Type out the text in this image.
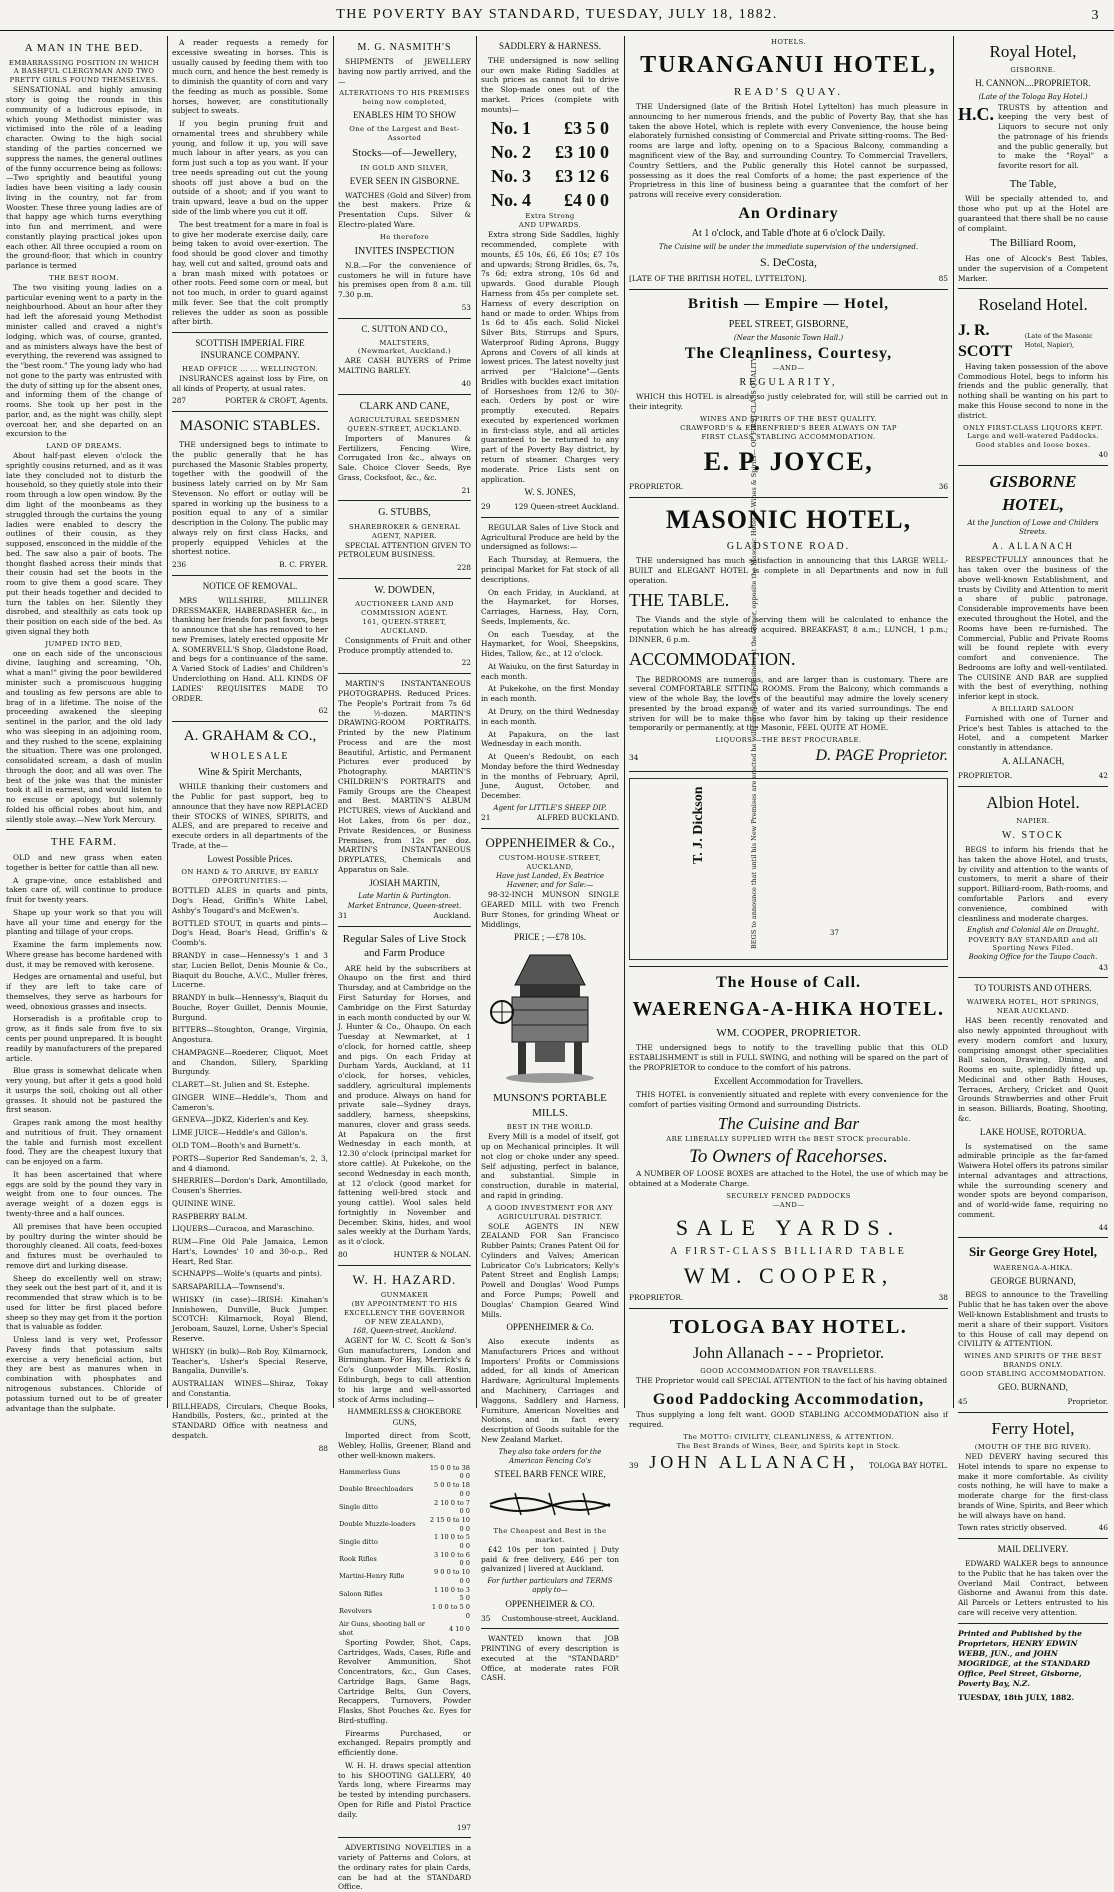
THE POVERTY BAY STANDARD, TUESDAY, JULY 18, 1882.	3
A MAN IN THE BED.
EMBARRASSING POSITION IN WHICH A BASHFUL CLERGYMAN AND TWO PRETTY GIRLS FOUND THEMSELVES.

SENSATIONAL and highly amusing story is going the rounds in this community of a ludicrous episode, in which young Methodist minister was victimised into the rôle of a leading character. Owing to the high social standing of the parties concerned we suppress the names, the general outlines of the funny occurrence being as follows:—Two sprightly and beautiful young ladies have been visiting a lady cousin living in the country, not far from Wooster. These three young ladies are of that happy age which turns everything into fun and merriment, and were constantly playing practical jokes upon each other. All three occupied a room on the ground-floor, that which in country parlance is termed

THE BEST ROOM.

The two visiting young ladies on a particular evening went to a party in the neighbourhood. About an hour after they had left the aforesaid young Methodist minister called and craved a night's lodging, which was, of course, granted, and as ministers always have the best of everything, the reverend was assigned to the "best room." The young lady who had not gone to the party was entrusted with the duty of sitting up for the absent ones, and informing them of the change of rooms. She took up her post in the parlor, and, as the night was chilly, slept overcoat her, and she departed on an excursion to the

LAND OF DREAMS.

About half-past eleven o'clock the sprightly cousins returned, and as it was late they concluded not to disturb the household, so they quietly stole into their room through a low open window. By the dim light of the moonbeams as they struggled through the curtains the young ladies were enabled to descry the outlines of their cousin, as they supposed, ensconced in the middle of the bed. The saw also a pair of boots. The thought flashed across their minds that their cousin had set the boots in the room to give them a good scare. They put their heads together and decided to turn the tables on her. Silently they disrobed, and stealthily as cats took up their position on each side of the bed. As given signal they both

JUMPED INTO BED,

one on each side of the unconscious divine, laughing and screaming, "Oh, what a man!" giving the poor bewildered minister such a promiscuous hugging and tousling as few persons are able to brag of in a lifetime. The noise of the proceeding awakened the sleeping sentinel in the parlor, and the old lady who was sleeping in an adjoining room, and they rushed to the scene, explaining the situation. There was one prolonged, consolidated scream, a dash of muslin through the door, and all was over. The best of the joke was that the minister took it all in earnest, and would listen to no excuse or apology, but solemnly folded his official robes about him, and silently stole away.—New York Mercury.

THE FARM.

OLD and new grass when eaten together is better for cattle than all new.

A grape-vine, once established and taken care of, will continue to produce fruit for twenty years.

Shape up your work so that you will have all your time and energy for the planting and tillage of your crops.

Examine the farm implements now. Where grease has become hardened with dust, it may be removed with kerosene.

Hedges are ornamental and useful, but if they are left to take care of themselves, they serve as harbours for weed, obnoxious grasses and insects.

Horseradish is a profitable crop to grow, as it finds sale from five to six cents per pound unprepared. It is bought readily by manufacturers of the prepared article.

Blue grass is somewhat delicate when very young, but after it gets a good hold it usurps the soil, choking out all other grasses. It should not be pastured the first season.

Grapes rank among the most healthy and nutritious of fruit. They ornament the table and furnish most excellent food. They are the cheapest luxury that can be enjoyed on a farm.

It has been ascertained that where eggs are sold by the pound they vary in weight from one to four ounces. The average weight of a dozen eggs is twenty-three and a half ounces.

All premises that have been occupied by poultry during the winter should be thoroughly cleaned. All coats, feed-boxes and fixtures must be overhauled to remove dirt and lurking disease.

Sheep do excellently well on straw; they seek out the best part of it, and it is recommended that straw which is to be used for litter be first placed before sheep so they may get from it the portion that is valuable as fodder.

Unless land is very wet, Professor Pavesy finds that potassium salts exercise a very beneficial action, but they are best as manures when in combination with phosphates and nitrogenous substances. Chloride of potassium turned out to be of greater advantage than the sulphate.

A reader requests a remedy for excessive sweating in horses. This is usually caused by feeding them with too much corn, and hence the best remedy is to diminish the quantity of corn and vary the feeding as much as possible. Some horses, however, are constitutionally subject to sweats.

If you begin pruning fruit and ornamental trees and shrubbery while young, and follow it up, you will save much labour in after years, as you can form just such a top as you want. If your tree needs spreading out cut the young shoots off just above a bud on the outside of a shoot; and if you want to train upward, leave a bud on the upper side of the limb where you cut it off.

The best treatment for a mare in foal is to give her moderate exercise daily, care being taken to avoid over-exertion. The food should be good clover and timothy hay, well cut and salted, ground oats and a bran mash mixed with potatoes or other roots. Feed some corn or meal, but not too much, in order to guard against milk fever. See that the colt promptly relieves the udder as soon as possible after birth.

SCOTTISH IMPERIAL FIRE INSURANCE COMPANY.
HEAD OFFICE ... ... WELLINGTON.

INSURANCES against loss by Fire, on all kinds of Property, at usual rates.

287	PORTER & CROFT, Agents.
MASONIC STABLES.

THE undersigned begs to intimate to the public generally that he has purchased the Masonic Stables property, together with the goodwill of the business lately carried on by Mr Sam Stevenson. No effort or outlay will be spared in working up the business to a position equal to any of a similar description in the Colony. The public may always rely on first class Hacks, and properly equipped Vehicles at the shortest notice.

236	B. C. FRYER.
NOTICE OF REMOVAL.

MRS WILLSHIRE, MILLINER DRESSMAKER, HABERDASHER &c., in thanking her friends for past favors, begs to announce that she has removed to her new Premises, lately erected opposite Mr A. SOMERVELL'S Shop, Gladstone Road, and begs for a continuance of the same. A Varied Stock of Ladies' and Children's Underclothing on Hand. ALL KINDS OF LADIES' REQUISITES MADE TO ORDER.

62
A. GRAHAM & CO.,
WHOLESALE
Wine & Spirit Merchants,

WHILE thanking their customers and the Public for past support, beg to announce that they have now REPLACED their STOCKS of WINES, SPIRITS, and ALES, and are prepared to receive and execute orders in all departments of the Trade, at the—

Lowest Possible Prices.
ON HAND & TO ARRIVE, BY EARLY OPPORTUNITIES:—

BOTTLED ALES in quarts and pints, Dog's Head, Griffin's White Label, Ashby's Tougard's and McEwen's.

BOTTLED STOUT, in quarts and pints—Dog's Head, Boar's Head, Griffin's & Coomb's.

BRANDY in case—Hennessy's 1 and 3 star, Lucien Bellot, Denis Mounie & Co., Biaquit du Bouche, A.V.C., Muller frères, Lucerne.

BRANDY in bulk—Hennessy's, Biaquit du Bouche, Royer Guillet, Dennis Mounie, Burgund.

BITTERS—Stoughton, Orange, Virginia, Angostura.

CHAMPAGNE—Roederer, Cliquot, Moet and Chandon, Sillery, Sparkling Burgundy.

CLARET—St. Julien and St. Estephe.

GINGER WINE—Heddle's, Thom and Cameron's.

GENEVA—JDKZ, Kiderlen's and Key.

LIME JUICE—Heddle's and Gillon's.

OLD TOM—Booth's and Burnett's.

PORTS—Superior Red Sandeman's, 2, 3, and 4 diamond.

SHERRIES—Dordon's Dark, Amontillado, Cousen's Sherries.

QUININE WINE.

RASPBERRY BALM.

LIQUERS—Curacoa, and Maraschino.

RUM—Fine Old Pale Jamaica, Lemon Hart's, Lowndes' 10 and 30-o.p., Red Heart, Red Star.

SCHNAPPS—Wolfe's (quarts and pints).

SARSAPARILLA—Townsend's.

WHISKY (in case)—IRISH: Kinahan's Innishowen, Dunville, Buck Jumper. SCOTCH: Kilmarnock, Royal Blend, Jeroboam, Sauzel, Lorne, Usher's Special Reserve.

WHISKY (in bulk)—Rob Roy, Kilmarnock, Teacher's, Usher's Special Reserve, Bangalia, Dunville's.

AUSTRALIAN WINES—Shiraz, Tokay and Constantia.

BILLHEADS, Circulars, Cheque Books, Handbills, Posters, &c., printed at the STANDARD Office with neatness and despatch.

88
M. G. NASMITH'S

SHIPMENTS of JEWELLERY having now partly arrived, and the—

ALTERATIONS TO HIS PREMISES being now completed,
ENABLES HIM TO SHOW
One of the Largest and Best-Assorted
Stocks—of—Jewellery,
IN GOLD AND SILVER,
EVER SEEN IN GISBORNE.

WATCHES (Gold and Silver) from the best makers. Prize & Presentation Cups. Silver & Electro-plated Ware.

He therefore
INVITES INSPECTION

N.B.—For the convenience of customers he will in future have his premises open from 8 a.m. till 7.30 p.m.

53
C. SUTTON AND CO.,
MALTSTERS,
(Newmarket, Auckland.)

ARE CASH BUYERS of Prime MALTING BARLEY.

40
CLARK AND CANE,
AGRICULTURAL SEEDSMEN
QUEEN-STREET, AUCKLAND.

Importers of Manures & Fertilizers, Fencing Wire, Corrugated Iron &c., always on Sale. Choice Clover Seeds, Rye Grass, Cocksfoot, &c., &c.

21
G. STUBBS,
SHAREBROKER & GENERAL AGENT, NAPIER.

SPECIAL ATTENTION GIVEN TO PETROLEUM BUSINESS.

228
W. DOWDEN,
AUCTIONEER LAND AND COMMISSION AGENT.
161, QUEEN-STREET, AUCKLAND.

Consignments of Fruit and other Produce promptly attended to.

22

MARTIN'S INSTANTANEOUS PHOTOGRAPHS. Reduced Prices. The People's Portrait from 7s 6d the ½-dozen. MARTIN'S DRAWING-ROOM PORTRAITS. Printed by the new Platinum Process and are the most Beautiful, Artistic, and Permanent Pictures ever produced by Photography. MARTIN'S CHILDREN'S PORTRAITS and Family Groups are the Cheapest and Best. MARTIN'S ALBUM PICTURES, views of Auckland and Hot Lakes, from 6s per doz., Private Residences, or Business Premises, from 12s per doz. MARTIN'S INSTANTANEOUS DRYPLATES, Chemicals and Apparatus on Sale.

JOSIAH MARTIN,
Late Martin & Partington.
Market Entrance, Queen-street.
31	Auckland.
Regular Sales of Live Stock and Farm Produce

ARE held by the subscribers at Ohaupo on the first and third Thursday, and at Cambridge on the First Saturday for Horses, and Cambridge on the First Saturday in each month conducted by our W. J. Hunter & Co., Ohaupo. On each Tuesday at Newmarket, at 1 o'clock, for horned cattle, sheep and pigs. On each Friday at Durham Yards, Auckland, at 11 o'clock, for horses, vehicles, saddlery, agricultural implements and produce. Always on hand for private sale—Sydney drays, saddlery, harness, sheepskins, manures, clover and grass seeds. At Papakura on the first Wednesday in each month, at 12.30 o'clock (principal market for store cattle). At Pukekohe, on the second Wednesday in each month, at 12 o'clock (good market for fattening well-bred stock and young cattle). Wool sales held fortnightly in November and December. Skins, hides, and wool sales weekly at the Durham Yards, as it o'clock.

80	HUNTER & NOLAN.
W. H. HAZARD.
GUNMAKER
(BY APPOINTMENT TO HIS EXCELLENCY THE GOVERNOR OF NEW ZEALAND),
168, Queen-street, Auckland.

AGENT for W. C. Scott & Son's Gun manufacturers, London and Birmingham. For Hay, Merrick's & Co's Gunpowder Mills. Roslin, Edinburgh, begs to call attention to his large and well-assorted stock of Arms including—

HAMMERLESS & CHOKEBORE GUNS,

Imported direct from Scott, Webley, Hollis, Greener, Bland and other well-known makers.

Hammerless Guns	15 0 0 to 38 0 0
Double Breechloaders	5 0 0 to 18 0 0
Single ditto	2 10 0 to 7 0 0
Double Muzzle-loaders	2 15 0 to 10 0 0
Single ditto	1 10 0 to 5 0 0
Rook Rifles	3 10 0 to 6 0 0
Martini-Henry Rifle	9 0 0 to 10 0 0
Saloon Rifles	1 10 0 to 3 5 0
Revolvers	1 0 0 to 5 0 0
Air Guns, shooting ball or shot	4 10 0

Sporting Powder, Shot, Caps, Cartridges, Wads, Cases, Rifle and Revolver Ammunition, Shot Concentrators, &c., Gun Cases, Cartridge Bags, Game Bags, Cartridge Belts, Gun Covers, Recappers, Turnovers, Powder Flasks, Shot Pouches &c. Eyes for Bird-stuffing.

Firearms Purchased, or exchanged. Repairs promptly and efficiently done.

W. H. H. draws special attention to his SHOOTING GALLERY, 40 Yards long, where Firearms may be tested by intending purchasers. Open for Rifle and Pistol Practice daily.

197

ADVERTISING NOVELTIES in a variety of Patterns and Colors, at the ordinary rates for plain Cards, can be had at the STANDARD Office.

SADDLERY & HARNESS.

THE undersigned is now selling our own make Riding Saddles at such prices as cannot fail to drive the Slop-made ones out of the market. Prices (complete with mounts)—

No. 1 £3 5 0
No. 2 £3 10 0
No. 3 £3 12 6
No. 4 £4 0 0
Extra Strong
AND UPWARDS.

Extra strong Side Saddles, highly recommended, complete with mounts, £5 10s, £6, £6 10s; £7 10s and upwards; Strong Bridles, 6s, 7s, 7s 6d; extra strong, 10s 6d and upwards. Good durable Plough Harness from 45s per complete set. Harness of every description on hand or made to order. Whips from 1s 6d to 45s each. Solid Nickel Silver Bits, Stirrups and Spurs, Waterproof Riding Aprons, Buggy Aprons and Covers of all kinds at lowest prices. The latest novelty just arrived per "Halcione"—Gents Bridles with buckles exact imitation of Horseshoes from 12/6 to 30/- each. Orders by post or wire promptly executed. Repairs executed by experienced workmen in first-class style, and all articles guaranteed to be returned to any part of the Poverty Bay district, by return of steamer. Charges very moderate. Price Lists sent on application.

W. S. JONES,
29	129 Queen-street Auckland.

REGULAR Sales of Live Stock and Agricultural Produce are held by the undersigned as follows:—

Each Thursday, at Remuera, the principal Market for Fat stock of all descriptions.

On each Friday, in Auckland, at the Haymarket, for Horses, Carriages, Harness, Hay, Corn, Seeds, Implements, &c.

On each Tuesday, at the Haymarket, for Wool, Sheepskins, Hides, Tallow, &c., at 12 o'clock.

At Waiuku, on the first Saturday in each month.

At Pukekohe, on the first Monday in each month.

At Drury, on the third Wednesday in each month.

At Papakura, on the last Wednesday in each month.

At Queen's Redoubt, on each Monday before the third Wednesday in the months of February, April, June, August, October, and December.

Agent for LITTLE'S SHEEP DIP.
21	ALFRED BUCKLAND.
OPPENHEIMER & Co.,
CUSTOM-HOUSE-STREET,
AUCKLAND,
Have just Landed, Ex Beatrice Havener, and for Sale:—

98-32-INCH MUNSON SINGLE GEARED MILL with two French Burr Stones, for grinding Wheat or Middlings,

PRICE ; —£78 10s.
MUNSON'S PORTABLE MILLS.
BEST IN THE WORLD.

Every Mill is a model of itself, got up on Mechanical principles. It will not clog or choke under any speed. Self adjusting, perfect in balance, and substantial. Simple in construction, durable in material, and rapid in grinding.

A GOOD INVESTMENT FOR ANY AGRICULTURAL DISTRICT.

SOLE AGENTS IN NEW ZEALAND FOR San Francisco Rubber Paints; Cranes Patent Oil for Cylinders and Valves; American Lubricator Co's Lubricators; Kelly's Patent Street and English Lamps; Powell and Douglas' Wood Pumps and Force Pumps; Powell and Douglas' Champion Geared Wind Mills.

OPPENHEIMER & Co.

Also execute indents as Manufacturers Prices and without Importers' Profits or Commissions added, for all kinds of American Hardware, Agricultural Implements and Machinery, Carriages and Waggons, Saddlery and Harness, Furniture, American Novelties and Notions, and in fact every description of Goods suitable for the New Zealand Market.

They also take orders for the American Fencing Co's
STEEL BARB FENCE WIRE,
The Cheapest and Best in the market.

£42 10s per ton painted | Duty paid & free delivery, £46 per ton galvanized | livered at Auckland.

For further particulars and TERMS apply to—
OPPENHEIMER & CO.
35 Customhouse-street, Auckland.

WANTED known that JOB PRINTING of every description is executed at the "STANDARD" Office, at moderate rates FOR CASH.

HOTELS.
TURANGANUI HOTEL,
READ'S QUAY.

THE Undersigned (late of the British Hotel Lyttelton) has much pleasure in announcing to her numerous friends, and the public of Poverty Bay, that she has taken the above Hotel, which is replete with every Convenience, the house being elaborately furnished consisting of Commercial and Private sitting-rooms. The Bed-rooms are large and lofty, opening on to a Spacious Balcony, commanding a magnificent view of the Bay, and surrounding Country. To Commercial Travellers, Country Settlers, and the Public generally this Hotel cannot be surpassed, possessing as it does the real Comforts of a home; the past experience of the Proprietress in this line of business being a guarantee that the comfort of her patrons will receive every consideration.

An Ordinary
At 1 o'clock, and Table d'hote at 6 o'clock Daily.
The Cuisine will be under the immediate supervision of the undersigned.
S. DeCosta,
[LATE OF THE BRITISH HOTEL, LYTTELTON].	85
British — Empire — Hotel,
PEEL STREET, GISBORNE,
(Near the Masonic Town Hall.)
The Cleanliness, Courtesy,
—AND—
REGULARITY,

WHICH this HOTEL is already so justly celebrated for, will still be carried out in their integrity.

WINES AND SPIRITS OF THE BEST QUALITY.
CRAWFORD'S & EHRENFRIED'S BEER ALWAYS ON TAP
FIRST CLASS STABLING ACCOMMODATION.
E. P. JOYCE,
PROPRIETOR.	36
MASONIC HOTEL,
GLADSTONE ROAD.

THE undersigned has much satisfaction in announcing that this LARGE WELL-BUILT and ELEGANT HOTEL is complete in all Departments and now in full operation.

THE TABLE.

The Viands and the style of serving them will be calculated to enhance the reputation which he has already acquired. BREAKFAST, 8 a.m.; LUNCH, 1 p.m.; DINNER, 6 p.m.

ACCOMMODATION.

The BEDROOMS are numerous, and are larger than is customary. There are several COMFORTABLE SITTING ROOMS. From the Balcony, which commands a view of the whole Bay, the lovers of the beautiful may admire the lovely scenery presented by the broad expanse of water and its varied surroundings. The end striven for will be to make those who favor him by taking up their residence temporarily or permanently, at the Masonic, FEEL QUITE AT HOME.

LIQUORS.—THE BEST PROCURABLE.
34	D. PAGE Proprietor.
T. J. Dickson	BEGS to announce that until his New Premises are erected he will carry on his Business at the corner, opposite the Masonic Hotel. —Wines & Spirits— OF FIRST-CLASS QUALITY.	37
The House of Call.
WAERENGA-A-HIKA HOTEL.
WM. COOPER, PROPRIETOR.

THE undersigned begs to notify to the travelling public that this OLD ESTABLISHMENT is still in FULL SWING, and nothing will be spared on the part of the PROPRIETOR to conduce to the comfort of his patrons.

Excellent Accommodation for Travellers.

THIS HOTEL is conveniently situated and replete with every convenience for the comfort of parties visiting Ormond and surrounding Districts.

The Cuisine and Bar
ARE LIBERALLY SUPPLIED WITH the BEST STOCK procurable.
To Owners of Racehorses.

A NUMBER OF LOOSE BOXES are attached to the Hotel, the use of which may be obtained at a Moderate Charge.

SECURELY FENCED PADDOCKS
—AND—
SALE YARDS.
A FIRST-CLASS BILLIARD TABLE
WM. COOPER,
PROPRIETOR.	38
TOLOGA BAY HOTEL.
John Allanach - - - Proprietor.
GOOD ACCOMMODATION FOR TRAVELLERS.

THE Proprietor would call SPECIAL ATTENTION to the fact of his having obtained

Good Paddocking Accommodation,

Thus supplying a long felt want. GOOD STABLING ACCOMMODATION also if required.

The MOTTO: CIVILITY, CLEANLINESS, & ATTENTION.
The Best Brands of Wines, Beer, and Spirits kept in Stock.
39 JOHN ALLANACH, TOLOGA BAY HOTEL.
Royal Hotel,
GISBORNE.
H. CANNON....PROPRIETOR.
(Late of the Tologa Bay Hotel.)
H.C. TRUSTS by attention and keeping the very best of Liquors to secure not only the patronage of his friends and the public generally, but to make the "Royal" a favorite resort for all.

The Table,

Will be specially attended to, and those who put up at the Hotel are guaranteed that there shall be no cause of complaint.

The Billiard Room,

Has one of Alcock's Best Tables, under the supervision of a Competent Marker.

Roseland Hotel.
J. R. SCOTT
(Late of the Masonic Hotel, Napier),

Having taken possession of the above Commodious Hotel, begs to inform his friends and the public generally, that nothing shall be wanting on his part to make this House second to none in the district.

ONLY FIRST-CLASS LIQUORS KEPT.
Large and well-watered Paddocks. Good stables and loose boxes.
40
GISBORNE HOTEL,
At the Junction of Lowe and Childers Streets.
A. ALLANACH

RESPECTFULLY announces that he has taken over the business of the above well-known Establishment, and trusts by Civility and Attention to merit a share of public patronage. Considerable improvements have been executed throughout the Hotel, and the Rooms have been re-furnished. The Commercial, Public and Private Rooms will be found replete with every comfort and convenience. The Bedrooms are lofty and well-ventilated. The CUISINE AND BAR are supplied with the best of everything, nothing inferior kept in stock.

A BILLIARD SALOON

Furnished with one of Turner and Price's best Tables is attached to the Hotel, and a competent Marker constantly in attendance.

A. ALLANACH,
PROPRIETOR.	42
Albion Hotel.
NAPIER.
W. STOCK

BEGS to inform his friends that he has taken the above Hotel, and trusts, by civility and attention to the wants of customers, to merit a share of their support. Billiard-room, Bath-rooms, and comfortable Parlors and every convenience, combined with cleanliness and moderate charges.

English and Colonial Ale on Draught.
POVERTY BAY STANDARD and all Sporting News Filed.
Booking Office for the Taupo Coach.
43
TO TOURISTS AND OTHERS.
WAIWERA HOTEL, HOT SPRINGS,
NEAR AUCKLAND.

HAS been recently renovated and also newly appointed throughout with every modern comfort and luxury, comprising amongst other specialities Ball saloon, Drawing, Dining, and Rooms en suite, splendidly fitted up. Medicinal and other Bath Houses, Terraces, Archery, Cricket and Quoit Grounds Strawberries and other Fruit in season. Billiards, Boating, Shooting, &c.

LAKE HOUSE, ROTORUA.

Is systematised on the same admirable principle as the far-famed Waiwera Hotel offers its patrons similar internal advantages and attractions, while the surrounding scenery and wonder spots are beyond comparison, and of world-wide fame, requiring no comment.

44
Sir George Grey Hotel,
WAERENGA-A-HIKA.
GEORGE BURNAND,

BEGS to announce to the Travelling Public that he has taken over the above Well-known Establishment and trusts to merit a share of their support. Visitors to this House of call may depend on CIVILITY & ATTENTION.

WINES AND SPIRITS OF THE BEST BRANDS ONLY.
GOOD STABLING ACCOMMODATION.
GEO. BURNAND,
45	Proprietor.
Ferry Hotel,
(MOUTH OF THE BIG RIVER).

NED DEVERY having secured this Hotel intends to spare no expense to make it more comfortable. As civility costs nothing, he will have to make a moderate charge for the first-class brands of Wine, Spirits, and Beer which he will always have on hand.

Town rates strictly observed.	46
MAIL DELIVERY.

EDWARD WALKER begs to announce to the Public that he has taken over the Overland Mail Contract, between Gisborne and Awanui from this date. All Parcels or Letters entrusted to his care will receive very attention.

Printed and Published by the Proprietors, HENRY EDWIN WEBB, JUN., and JOHN MOGRIDGE, at the STANDARD Office, Peel Street, Gisborne, Poverty Bay, N.Z.
TUESDAY, 18th JULY, 1882.
